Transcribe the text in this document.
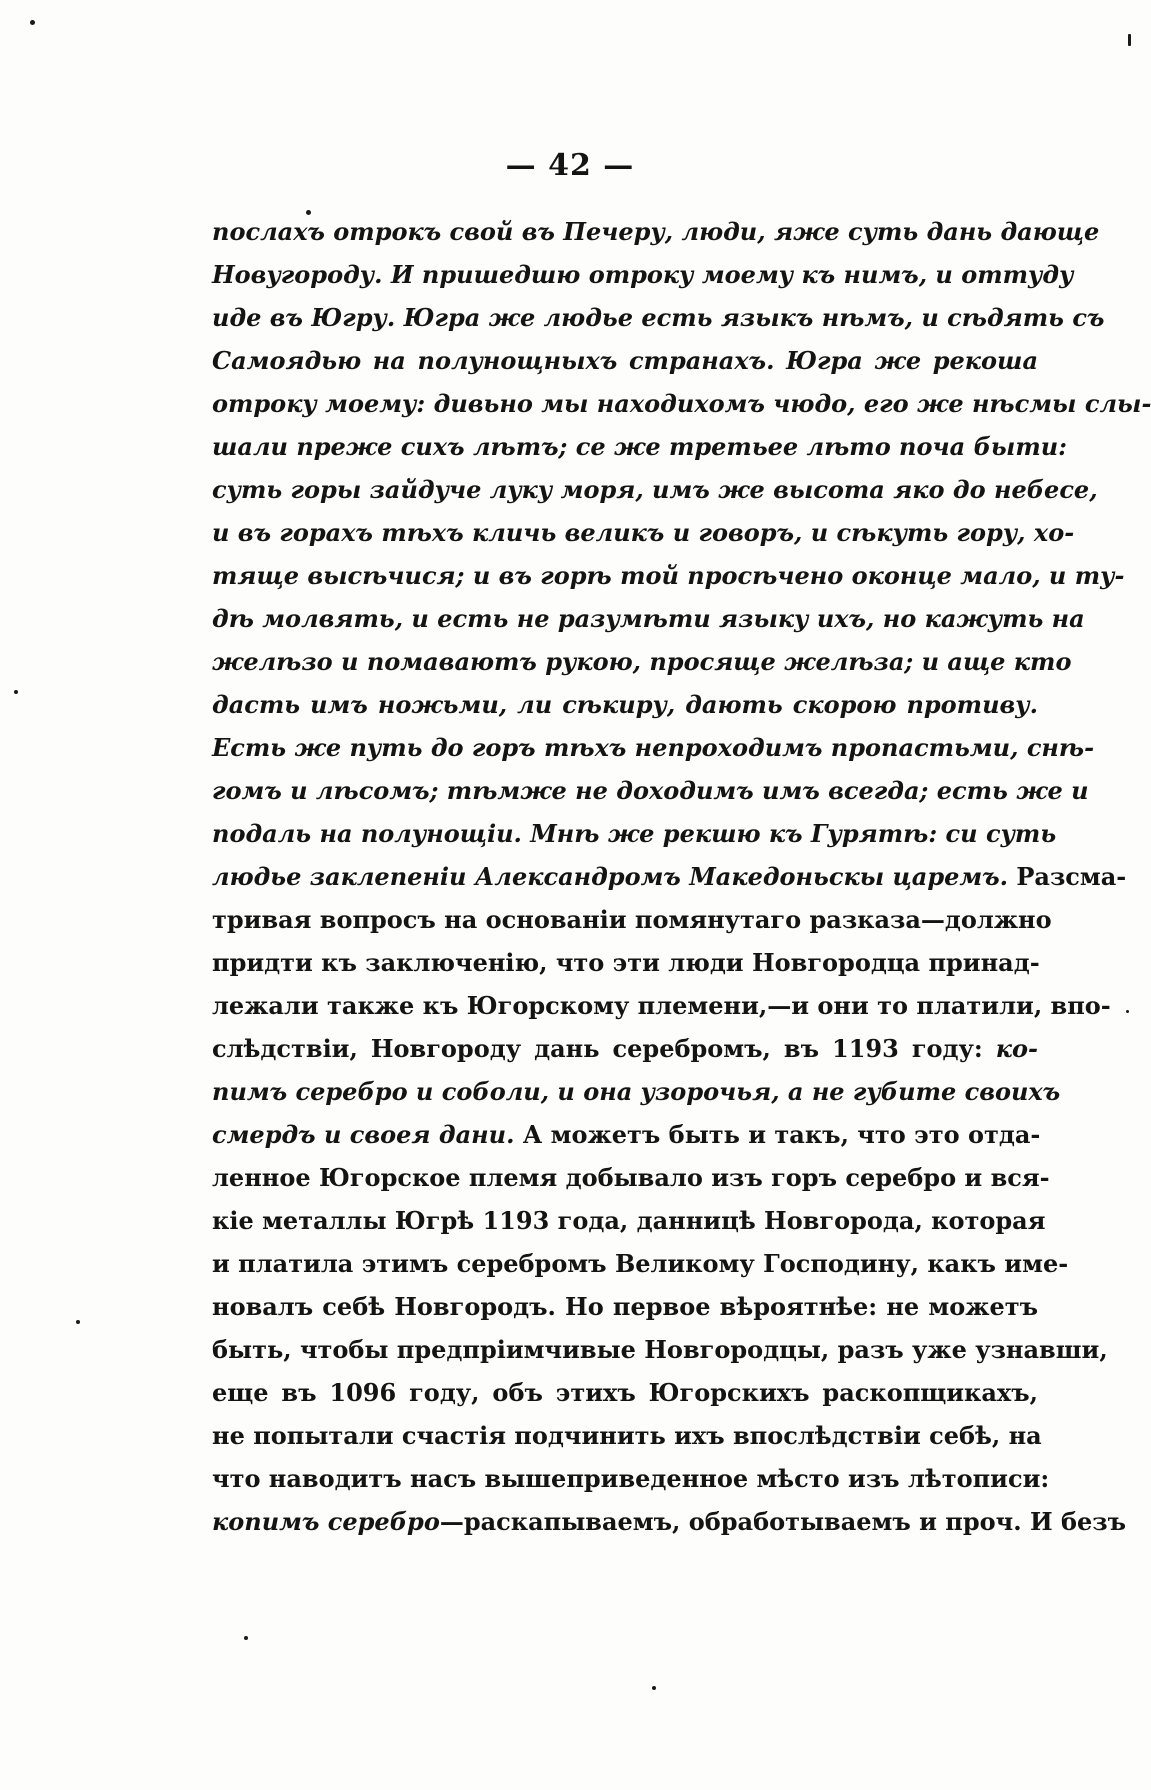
— 42 —
послахъ отрокъ свой въ Печеру, люди, яже суть дань дающе
Новугороду. И пришедшю отроку моему къ нимъ, и оттуду
иде въ Югру. Югра же людье есть языкъ нѣмъ, и сѣдять съ
Самоядью на полунощныхъ странахъ. Югра же рекоша
отроку моему: дивьно мы находихомъ чюдо, его же нѣсмы слы-
шали преже сихъ лѣтъ; се же третьее лѣто поча быти:
суть горы зайдуче луку моря, имъ же высота яко до небесе,
и въ горахъ тѣхъ кличь великъ и говоръ, и сѣкуть гору, хо-
тяще высѣчися; и въ горѣ той просѣчено оконце мало, и ту-
дѣ молвять, и есть не разумѣти языку ихъ, но кажуть на
желѣзо и помаваютъ рукою, просяще желѣза; и аще кто
дасть имъ ножьми, ли сѣкиру, дають скорою противу.
Есть же путь до горъ тѣхъ непроходимъ пропастьми, снѣ-
гомъ и лѣсомъ; тѣмже не доходимъ имъ всегда; есть же и
подаль на полунощіи. Мнѣ же рекшю къ Гурятѣ: си суть
людье заклепеніи Александромъ Македоньскы царемъ. Разсма-
тривая вопросъ на основаніи помянутаго разказа—должно
придти къ заключенію, что эти люди Новгородца принад-
лежали также къ Югорскому племени,—и они то платили, впо-
слѣдствіи, Новгороду дань серебромъ, въ 1193 году: ко-
пимъ серебро и соболи, и она узорочья, а не губите своихъ
смердъ и своея дани. А можетъ быть и такъ, что это отда-
ленное Югорское племя добывало изъ горъ серебро и вся-
кіе металлы Югрѣ 1193 года, данницѣ Новгорода, которая
и платила этимъ серебромъ Великому Господину, какъ име-
новалъ себѣ Новгородъ. Но первое вѣроятнѣе: не можетъ
быть, чтобы предпріимчивые Новгородцы, разъ уже узнавши,
еще въ 1096 году, объ этихъ Югорскихъ раскопщикахъ,
не попытали счастія подчинить ихъ впослѣдствіи себѣ, на
что наводитъ насъ вышеприведенное мѣсто изъ лѣтописи:
копимъ серебро—раскапываемъ, обработываемъ и проч. И безъ
